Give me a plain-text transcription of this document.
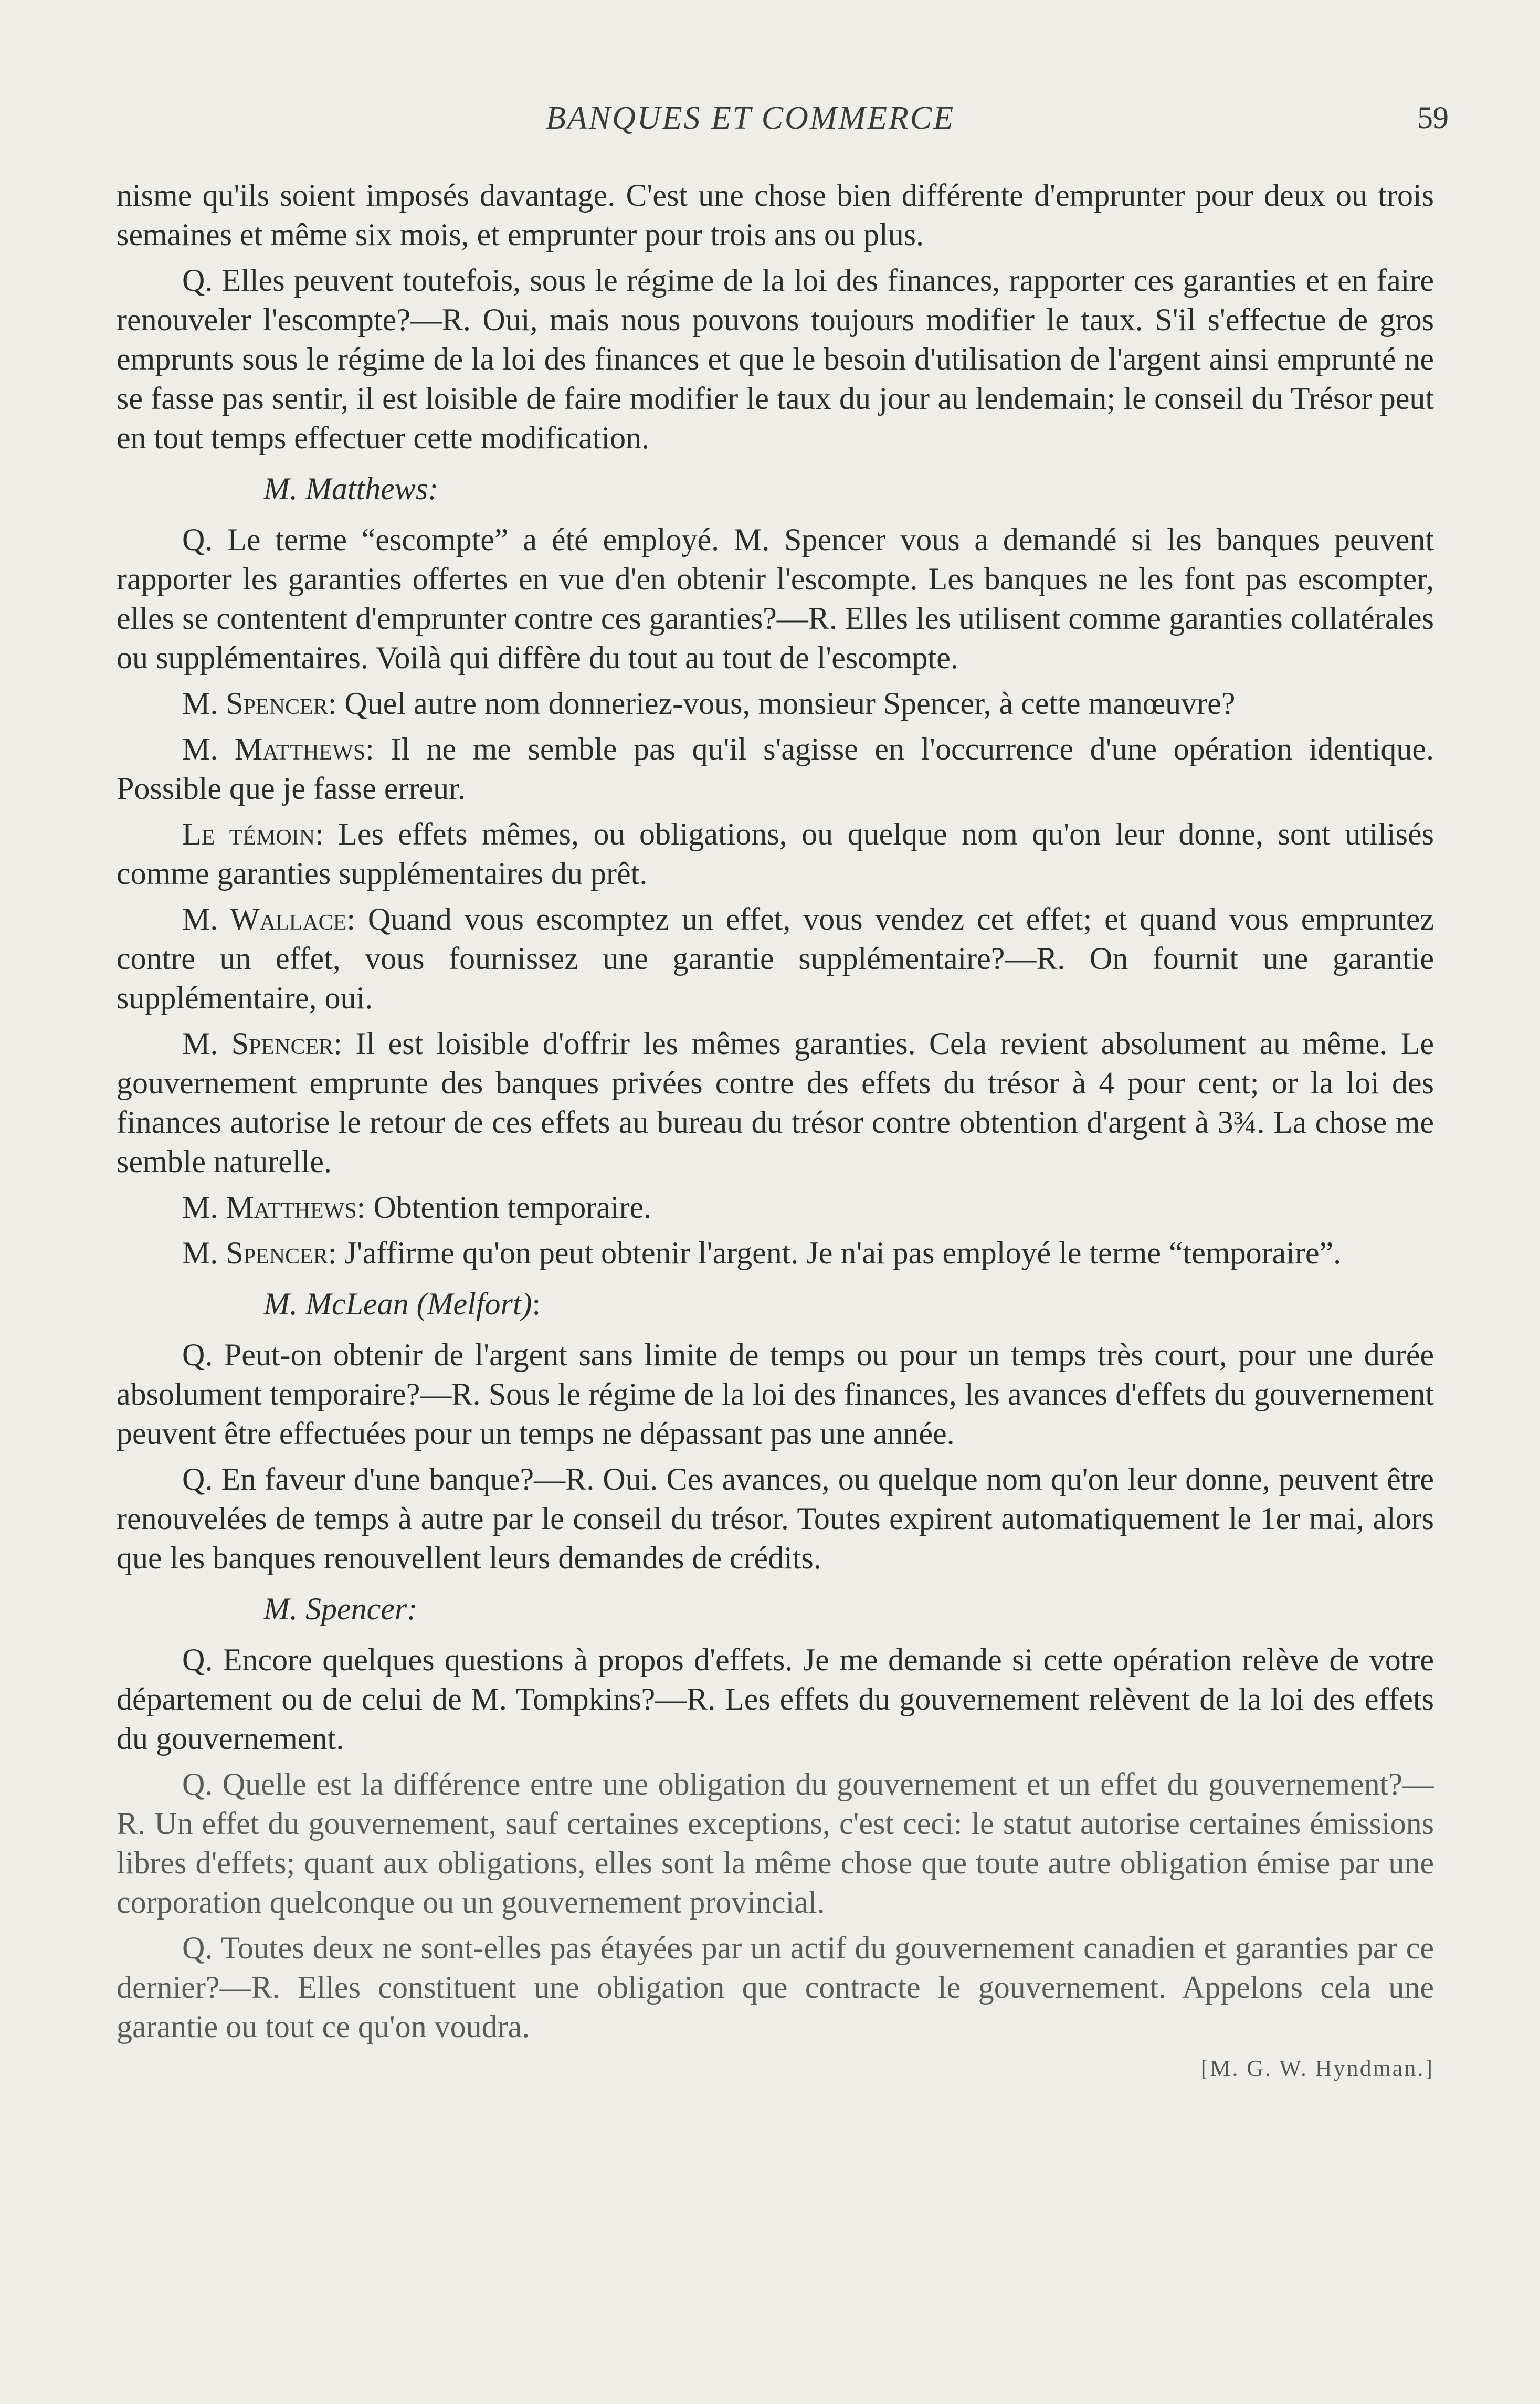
BANQUES ET COMMERCE	59

nisme qu'ils soient imposés davantage. C'est une chose bien différente d'emprunter pour deux ou trois semaines et même six mois, et emprunter pour trois ans ou plus.

Q. Elles peuvent toutefois, sous le régime de la loi des finances, rapporter ces garanties et en faire renouveler l'escompte?—R. Oui, mais nous pouvons toujours modifier le taux. S'il s'effectue de gros emprunts sous le régime de la loi des finances et que le besoin d'utilisation de l'argent ainsi emprunté ne se fasse pas sentir, il est loisible de faire modifier le taux du jour au lendemain; le conseil du Trésor peut en tout temps effectuer cette modification.

M. Matthews:

Q. Le terme “escompte” a été employé. M. Spencer vous a demandé si les banques peuvent rapporter les garanties offertes en vue d'en obtenir l'escompte. Les banques ne les font pas escompter, elles se contentent d'emprunter contre ces garanties?—R. Elles les utilisent comme garanties collatérales ou supplémentaires. Voilà qui diffère du tout au tout de l'escompte.

M. Spencer: Quel autre nom donneriez-vous, monsieur Spencer, à cette manœuvre?

M. Matthews: Il ne me semble pas qu'il s'agisse en l'occurrence d'une opération identique. Possible que je fasse erreur.

Le témoin: Les effets mêmes, ou obligations, ou quelque nom qu'on leur donne, sont utilisés comme garanties supplémentaires du prêt.

M. Wallace: Quand vous escomptez un effet, vous vendez cet effet; et quand vous empruntez contre un effet, vous fournissez une garantie supplémentaire?—R. On fournit une garantie supplémentaire, oui.

M. Spencer: Il est loisible d'offrir les mêmes garanties. Cela revient absolument au même. Le gouvernement emprunte des banques privées contre des effets du trésor à 4 pour cent; or la loi des finances autorise le retour de ces effets au bureau du trésor contre obtention d'argent à 3¾. La chose me semble naturelle.

M. Matthews: Obtention temporaire.

M. Spencer: J'affirme qu'on peut obtenir l'argent. Je n'ai pas employé le terme “temporaire”.

M. McLean (Melfort):

Q. Peut-on obtenir de l'argent sans limite de temps ou pour un temps très court, pour une durée absolument temporaire?—R. Sous le régime de la loi des finances, les avances d'effets du gouvernement peuvent être effectuées pour un temps ne dépassant pas une année.

Q. En faveur d'une banque?—R. Oui. Ces avances, ou quelque nom qu'on leur donne, peuvent être renouvelées de temps à autre par le conseil du trésor. Toutes expirent automatiquement le 1er mai, alors que les banques renouvellent leurs demandes de crédits.

M. Spencer:

Q. Encore quelques questions à propos d'effets. Je me demande si cette opération relève de votre département ou de celui de M. Tompkins?—R. Les effets du gouvernement relèvent de la loi des effets du gouvernement.

Q. Quelle est la différence entre une obligation du gouvernement et un effet du gouvernement?—R. Un effet du gouvernement, sauf certaines exceptions, c'est ceci: le statut autorise certaines émissions libres d'effets; quant aux obligations, elles sont la même chose que toute autre obligation émise par une corporation quelconque ou un gouvernement provincial.

Q. Toutes deux ne sont-elles pas étayées par un actif du gouvernement canadien et garanties par ce dernier?—R. Elles constituent une obligation que contracte le gouvernement. Appelons cela une garantie ou tout ce qu'on voudra.

[M. G. W. Hyndman.]
